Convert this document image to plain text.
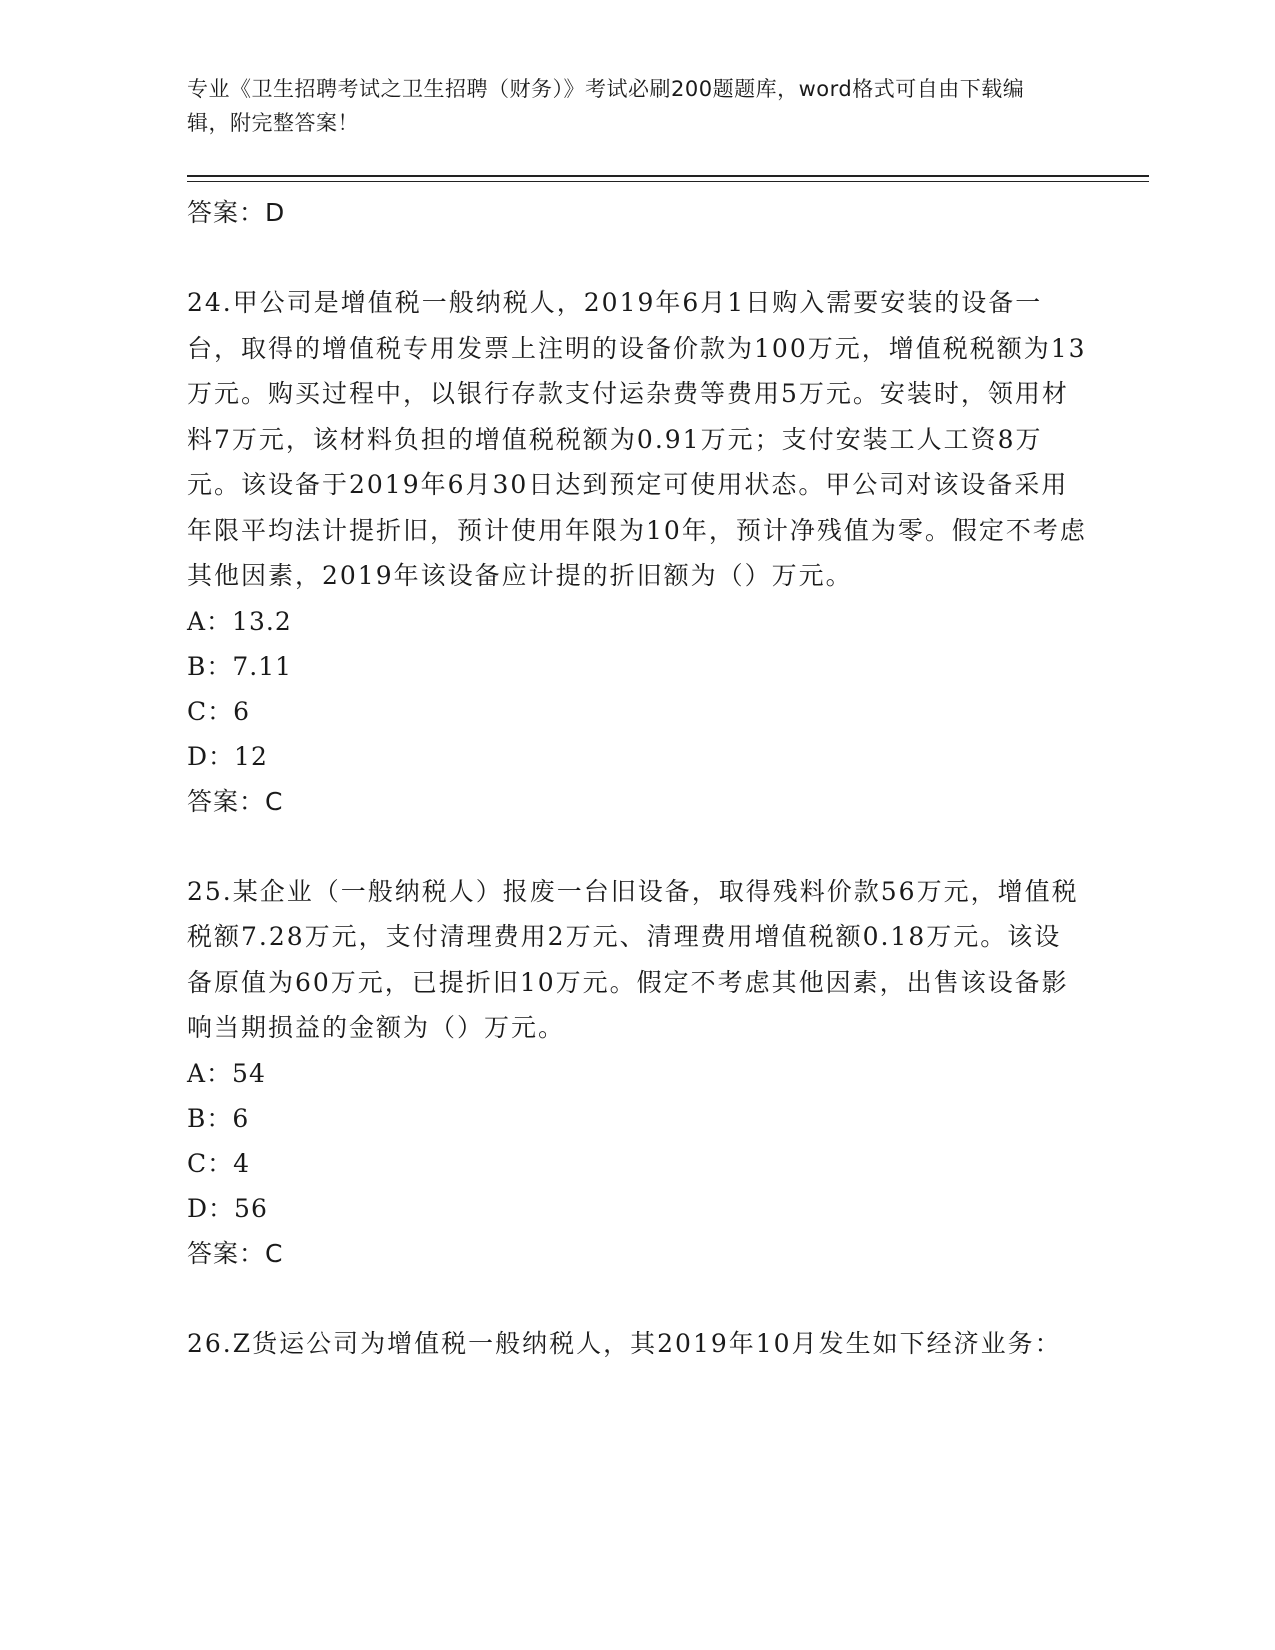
专业《卫生招聘考试之卫生招聘（财务）》考试必刷200题题库，word格式可自由下载编辑，附完整答案！
答案：D
24.甲公司是增值税一般纳税人，2019年6月1日购入需要安装的设备一台，取得的增值税专用发票上注明的设备价款为100万元，增值税税额为13万元。购买过程中，以银行存款支付运杂费等费用5万元。安装时，领用材料7万元，该材料负担的增值税税额为0.91万元；支付安装工人工资8万元。该设备于2019年6月30日达到预定可使用状态。甲公司对该设备采用年限平均法计提折旧，预计使用年限为10年，预计净残值为零。假定不考虑其他因素，2019年该设备应计提的折旧额为（）万元。
A：13.2
B：7.11
C：6
D：12
答案：C
25.某企业（一般纳税人）报废一台旧设备，取得残料价款56万元，增值税税额7.28万元，支付清理费用2万元、清理费用增值税额0.18万元。该设备原值为60万元，已提折旧10万元。假定不考虑其他因素，出售该设备影响当期损益的金额为（）万元。
A：54
B：6
C：4
D：56
答案：C
26.Z货运公司为增值税一般纳税人，其2019年10月发生如下经济业务：
